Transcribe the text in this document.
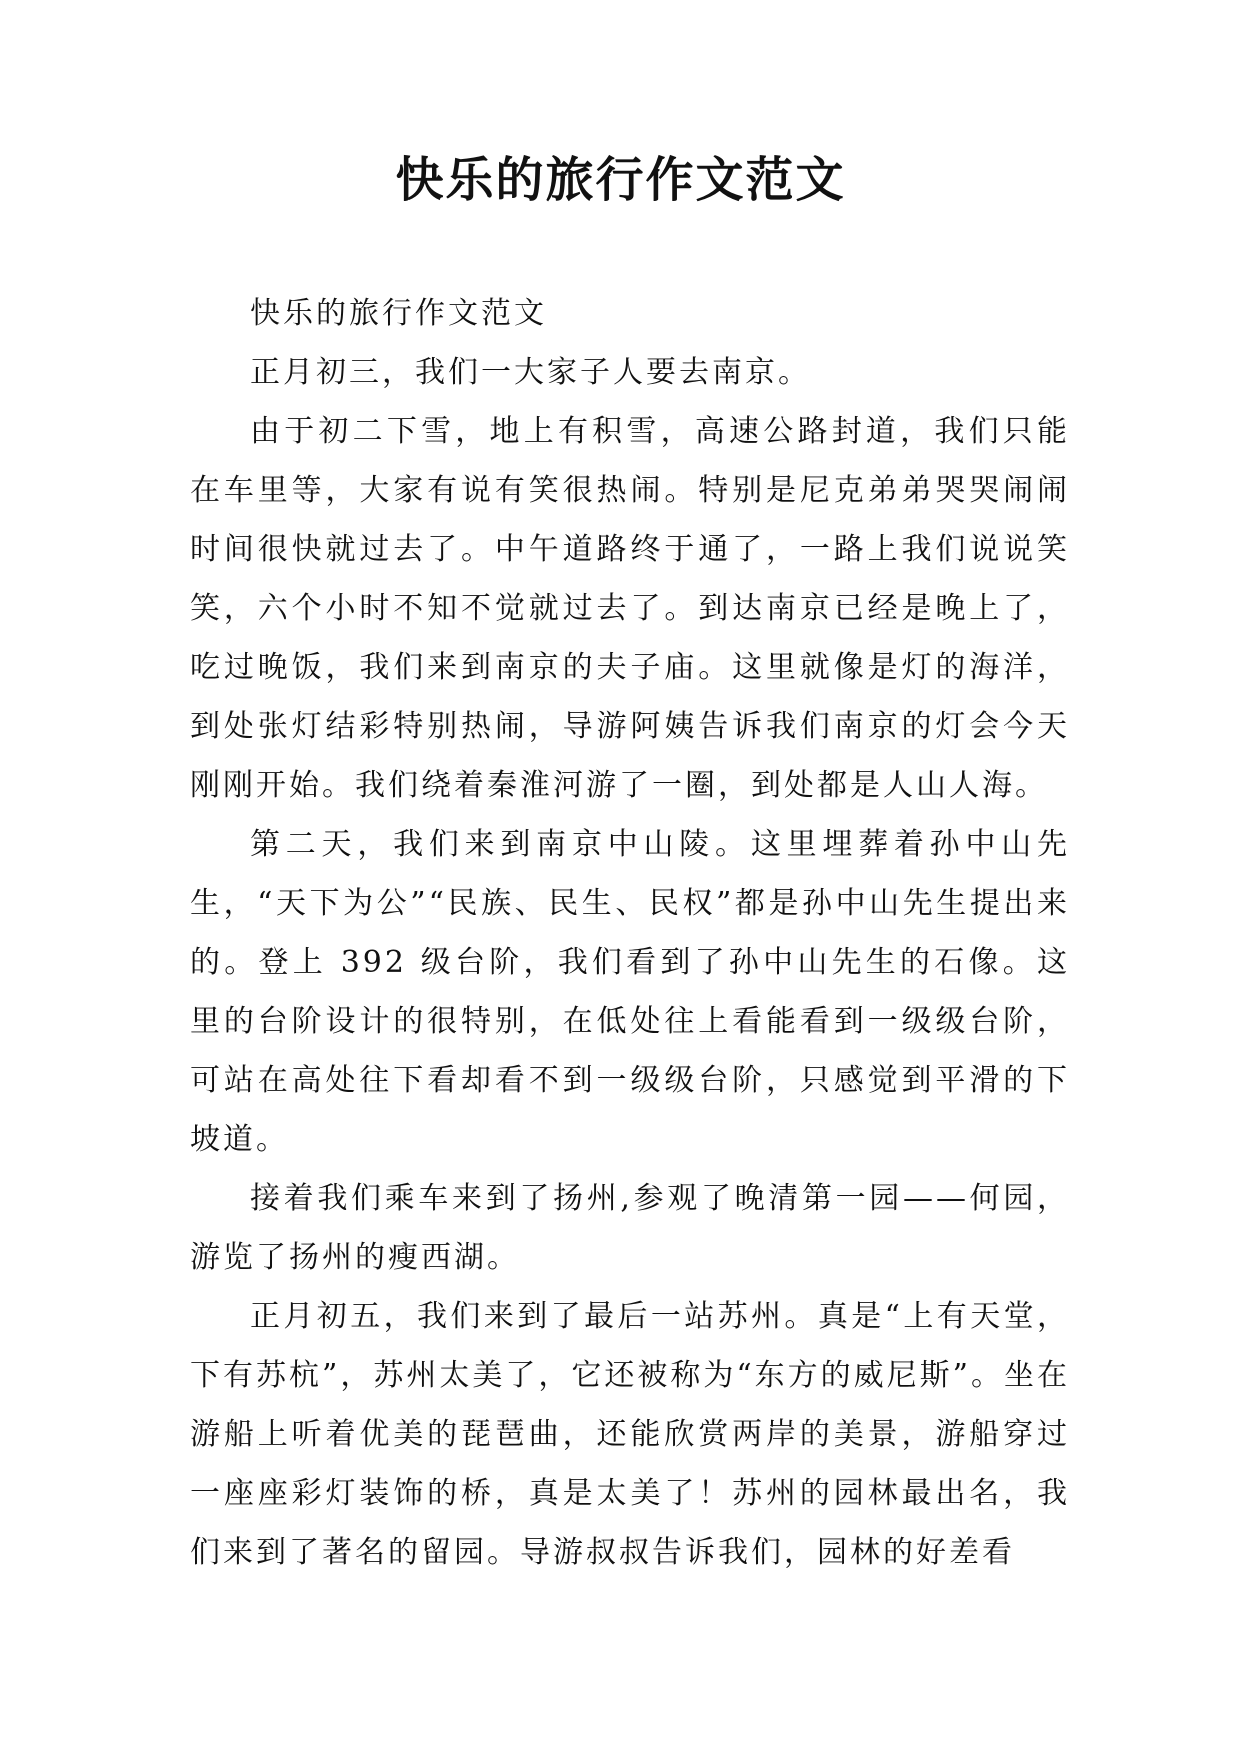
快乐的旅行作文范文

快乐的旅行作文范文

正月初三，我们一大家子人要去南京。

由于初二下雪，地上有积雪，高速公路封道，我们只能在车里等，大家有说有笑很热闹。特别是尼克弟弟哭哭闹闹时间很快就过去了。中午道路终于通了，一路上我们说说笑笑，六个小时不知不觉就过去了。到达南京已经是晚上了，吃过晚饭，我们来到南京的夫子庙。这里就像是灯的海洋，到处张灯结彩特别热闹，导游阿姨告诉我们南京的灯会今天刚刚开始。我们绕着秦淮河游了一圈，到处都是人山人海。

第二天，我们来到南京中山陵。这里埋葬着孙中山先生，“天下为公”“民族、民生、民权”都是孙中山先生提出来的。登上 392 级台阶，我们看到了孙中山先生的石像。这里的台阶设计的很特别，在低处往上看能看到一级级台阶，可站在高处往下看却看不到一级级台阶，只感觉到平滑的下坡道。

接着我们乘车来到了扬州,参观了晚清第一园——何园，游览了扬州的瘦西湖。

正月初五，我们来到了最后一站苏州。真是“上有天堂，下有苏杭”，苏州太美了，它还被称为“东方的威尼斯”。坐在游船上听着优美的琵琶曲，还能欣赏两岸的美景，游船穿过一座座彩灯装饰的桥，真是太美了！苏州的园林最出名，我们来到了著名的留园。导游叔叔告诉我们，园林的好差看
